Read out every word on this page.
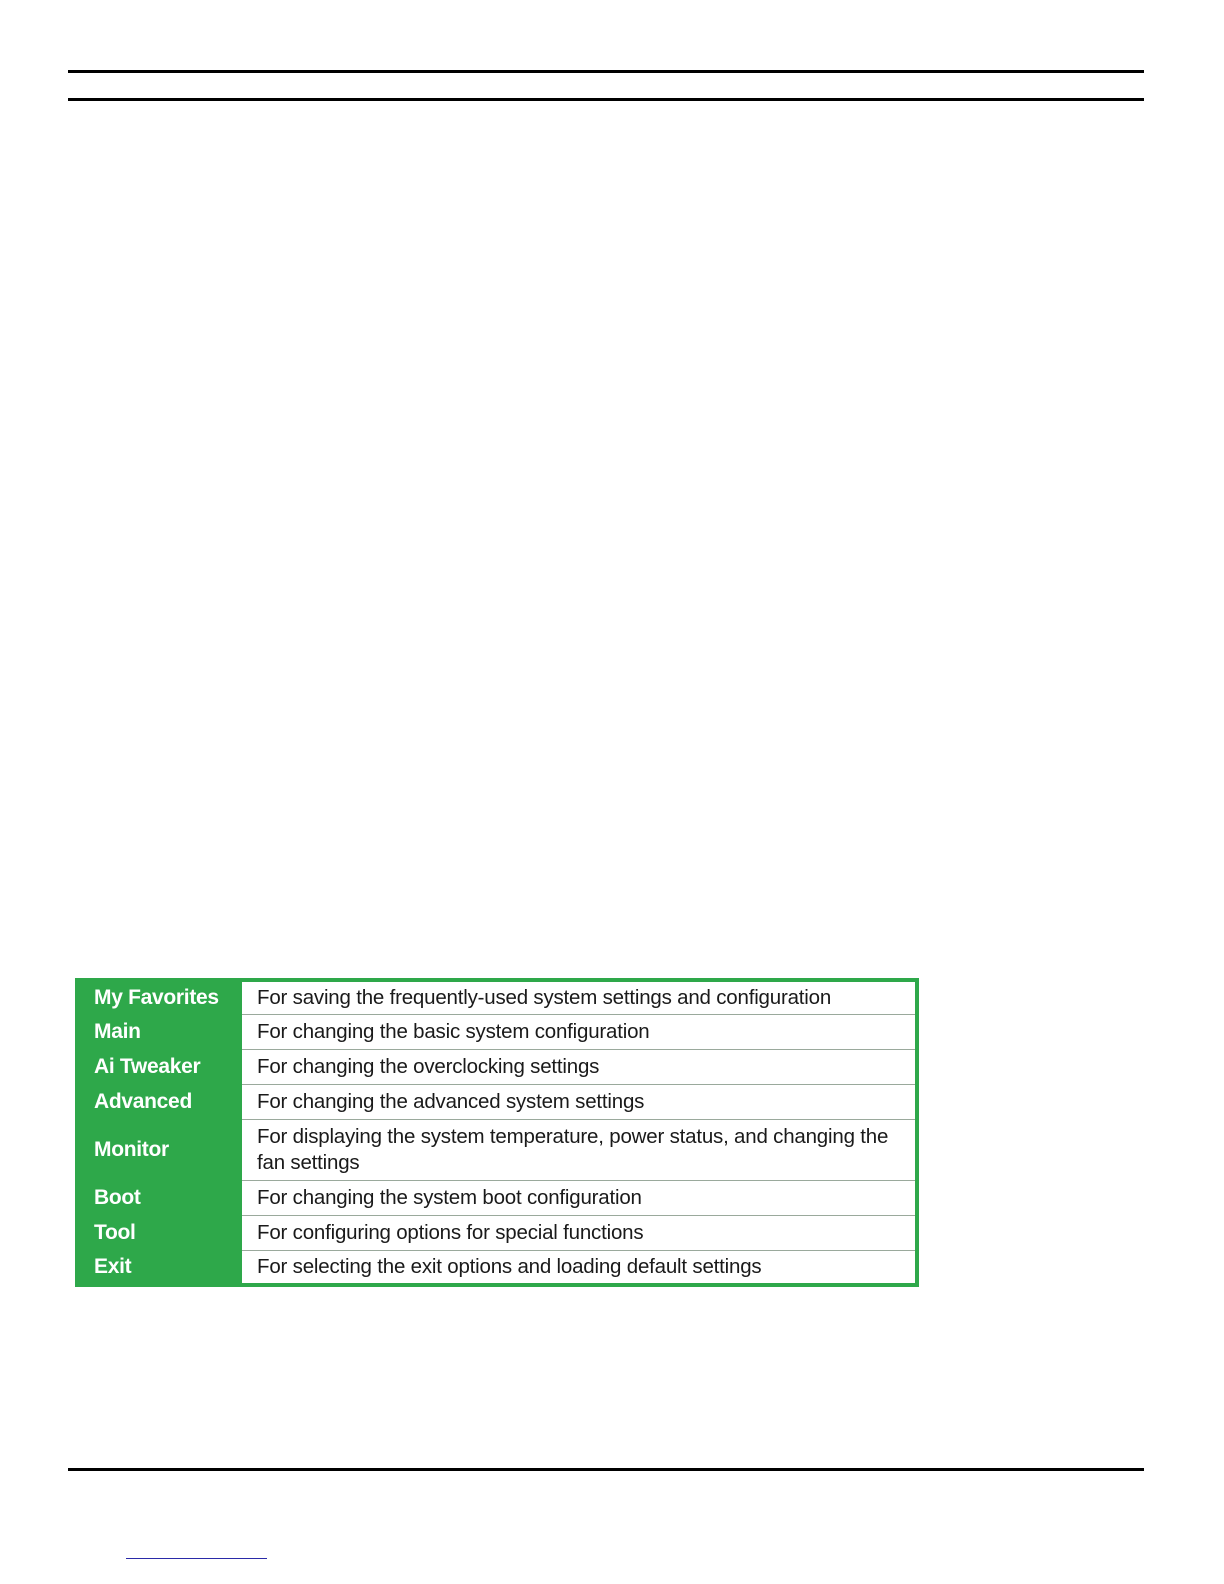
My Favorites	For saving the frequently-used system settings and configuration
Main	For changing the basic system configuration
Ai Tweaker	For changing the overclocking settings
Advanced	For changing the advanced system settings
Monitor	For displaying the system temperature, power status, and changing the fan settings
Boot	For changing the system boot configuration
Tool	For configuring options for special functions
Exit	For selecting the exit options and loading default settings
